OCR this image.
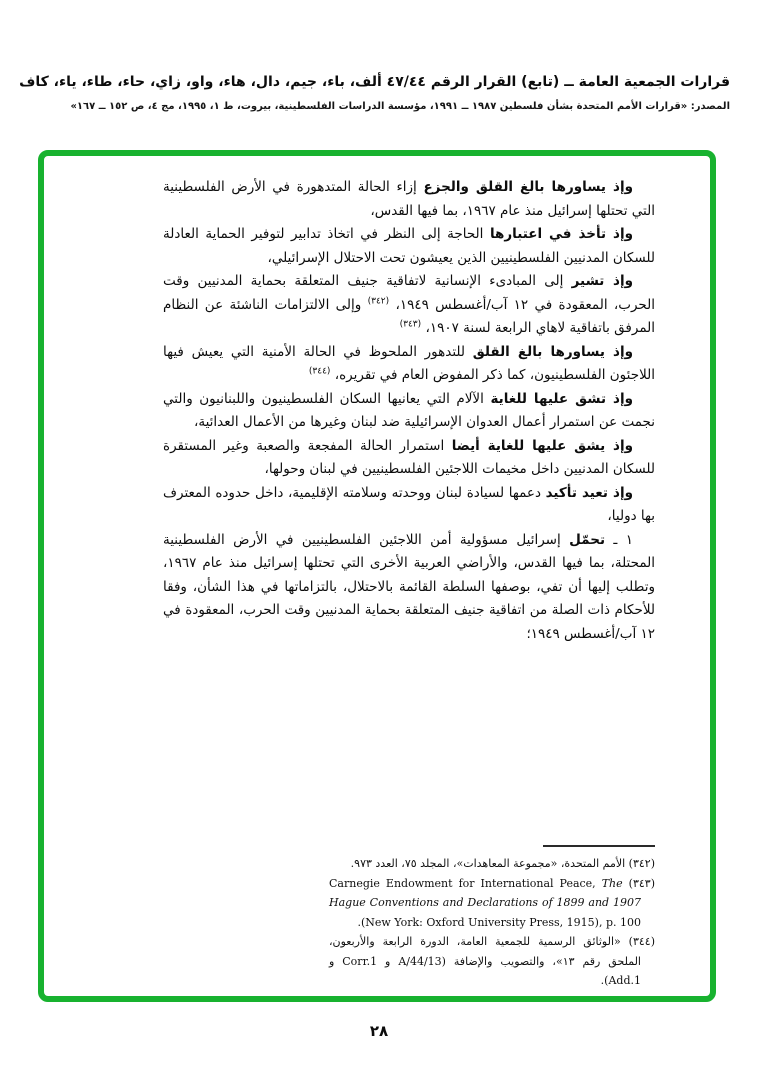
قرارات الجمعية العامة ــ (تابع) القرار الرقم ٤٧/٤٤ ألف، باء، جيم، دال، هاء، واو، زاي، حاء، طاء، ياء، كاف
المصدر: «قرارات الأمم المتحدة بشأن فلسطين ١٩٨٧ ــ ١٩٩١، مؤسسة الدراسات الفلسطينية، بيروت، ط ١، ١٩٩٥، مج ٤، ص ١٥٢ ــ ١٦٧»

وإذ يساورها بالغ القلق والجزع إزاء الحالة المتدهورة في الأرض الفلسطينية التي تحتلها إسرائيل منذ عام ١٩٦٧، بما فيها القدس،

وإذ تأخذ في اعتبارها الحاجة إلى النظر في اتخاذ تدابير لتوفير الحماية العادلة للسكان المدنيين الفلسطينيين الذين يعيشون تحت الاحتلال الإسرائيلي،

وإذ تشير إلى المبادىء الإنسانية لاتفاقية جنيف المتعلقة بحماية المدنيين وقت الحرب، المعقودة في ١٢ آب/أغسطس ١٩٤٩، $^{(٣٤٢)}$ وإلى الالتزامات الناشئة عن النظام المرفق باتفاقية لاهاي الرابعة لسنة ١٩٠٧، $^{(٣٤٣)}$

وإذ يساورها بالغ القلق للتدهور الملحوظ في الحالة الأمنية التي يعيش فيها اللاجئون الفلسطينيون، كما ذكر المفوض العام في تقريره، $^{(٣٤٤)}$

وإذ تشق عليها للغاية الآلام التي يعانيها السكان الفلسطينيون واللبنانيون والتي نجمت عن استمرار أعمال العدوان الإسرائيلية ضد لبنان وغيرها من الأعمال العدائية،

وإذ يشق عليها للغاية أيضا استمرار الحالة المفجعة والصعبة وغير المستقرة للسكان المدنيين داخل مخيمات اللاجئين الفلسطينيين في لبنان وحولها،

وإذ تعيد تأكيد دعمها لسيادة لبنان ووحدته وسلامته الإقليمية، داخل حدوده المعترف بها دوليا،

١ ـ تحمّل إسرائيل مسؤولية أمن اللاجئين الفلسطينيين في الأرض الفلسطينية المحتلة، بما فيها القدس، والأراضي العربية الأخرى التي تحتلها إسرائيل منذ عام ١٩٦٧، وتطلب إليها أن تفي، بوصفها السلطة القائمة بالاحتلال، بالتزاماتها في هذا الشأن، وفقا للأحكام ذات الصلة من اتفاقية جنيف المتعلقة بحماية المدنيين وقت الحرب، المعقودة في ١٢ آب/أغسطس ١٩٤٩؛

(٣٤٢) الأمم المتحدة، «مجموعة المعاهدات»، المجلد ٧٥، العدد ٩٧٣.

(٣٤٣) Carnegie Endowment for International Peace, The Hague Conventions and Declarations of 1899 and 1907 (New York: Oxford University Press, 1915), p. 100.

(٣٤٤) «الوثائق الرسمية للجمعية العامة، الدورة الرابعة والأربعون، الملحق رقم ١٣»، والتصويب والإضافة (A/44/13 و Corr.1 و Add.1).

٢٨
